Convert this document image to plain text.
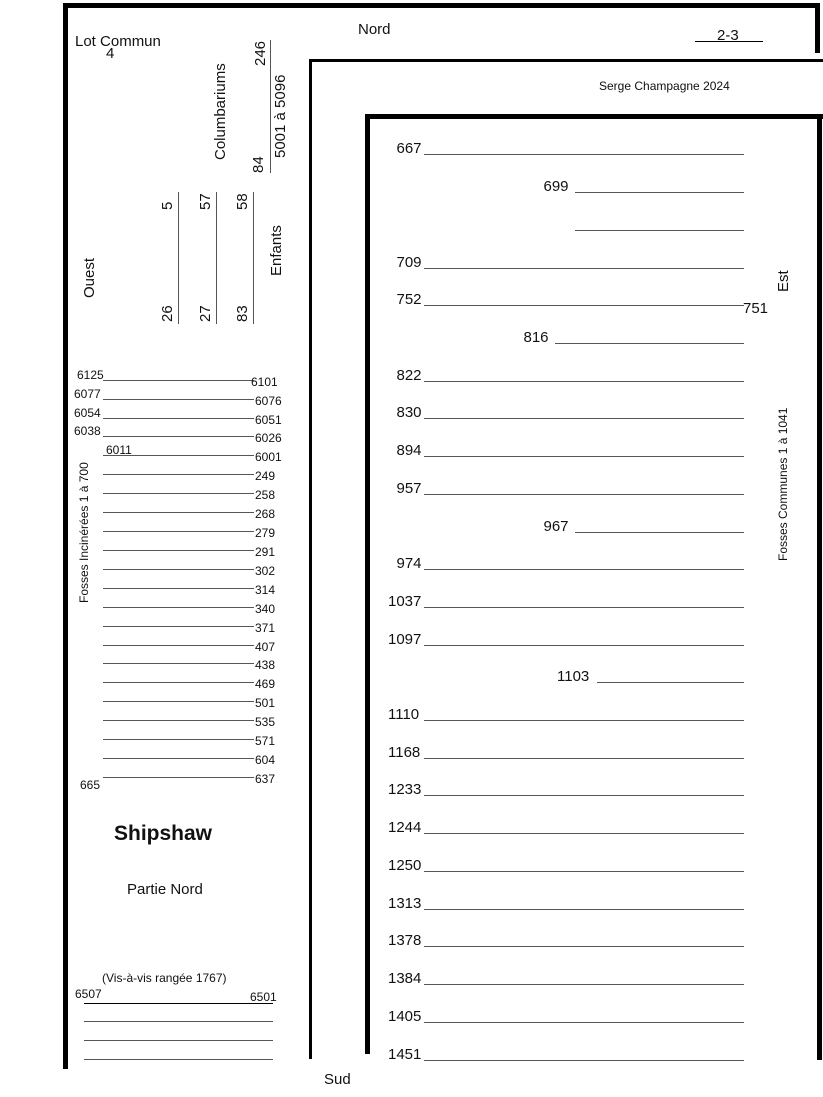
Nord
Sud
Est
Ouest
2-3
Serge Champagne 2024
Lot Commun
4
Columbariums
246
84
5001 à 5096
5
26
57
27
58
83
Enfants
Fosses Incinérées 1 à 700
6125	6101
6077	6076
6054	6051
6038	6026
6011	6001
249
258
268
279
291
302
314
340
371
407
438
469
501
535
571
604
665	637
Shipshaw
Partie Nord
(Vis-à-vis rangée 1767)
6507	6501
Fosses Communes 1 à 1041
667
699
709
752
751
816
822
830
894
957
967
974
1037
1097
1103
1110
1168
1233
1244
1250
1313
1378
1384
1405
1451
